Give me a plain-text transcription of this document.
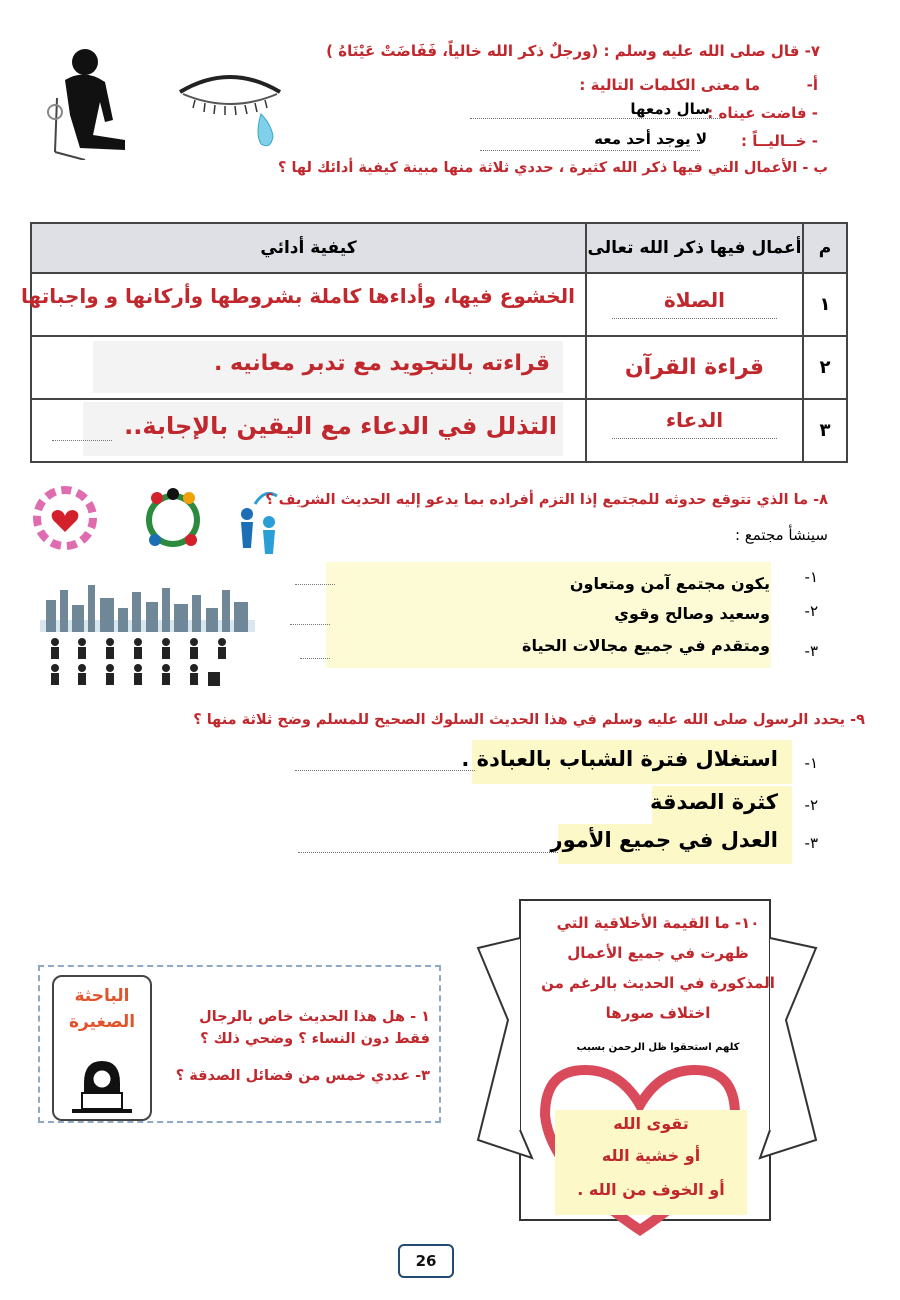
٧- قال صلى الله عليه وسلم : (ورجلٌ ذكر الله خالياً، فَفَاضَتْ عَيْنَاهُ )
أ-
ما معنى الكلمات التالية :
- فاضت عيناه :
سال دمعها
- خــاليــاً :
لا يوجد أحد معه
ب - الأعمال التي فيها ذكر الله كثيرة ، حددي ثلاثة منها مبينة كيفية أدائك لها ؟
م	أعمال فيها ذكر الله تعالى	كيفية أدائي
١	الصلاة	الخشوع فيها، وأداءها كاملة بشروطها وأركانها و واجباتها

٢	قراءة القرآن	قراءته بالتجويد مع تدبر معانيه .

٣	الدعاء	التذلل في الدعاء مع اليقين بالإجابة..
٨- ما الذي تتوقع حدوثه للمجتمع إذا التزم أفراده بما يدعو إليه الحديث الشريف ؟
سينشأ مجتمع :
١-
يكون مجتمع آمن ومتعاون
٢-
وسعيد وصالح وقوي
٣-
ومتقدم في جميع مجالات الحياة
٩- يحدد الرسول صلى الله عليه وسلم في هذا الحديث السلوك الصحيح للمسلم وضح ثلاثة منها ؟
١-
استغلال فترة الشباب بالعبادة .
٢-
كثرة الصدقة
٣-
العدل في جميع الأمور
الباحثة الصغيرة	١ - هل هذا الحديث خاص بالرجال فقط دون النساء ؟ وضحي ذلك ؟
٣- عددي خمس من فضائل الصدقة ؟
١٠- ما القيمة الأخلاقية التي ظهرت في جميع الأعمال المذكورة في الحديث بالرغم من اختلاف صورها
كلهم استحقوا ظل الرحمن بسبب
تقوى الله
أو خشية الله
أو الخوف من الله .
26
